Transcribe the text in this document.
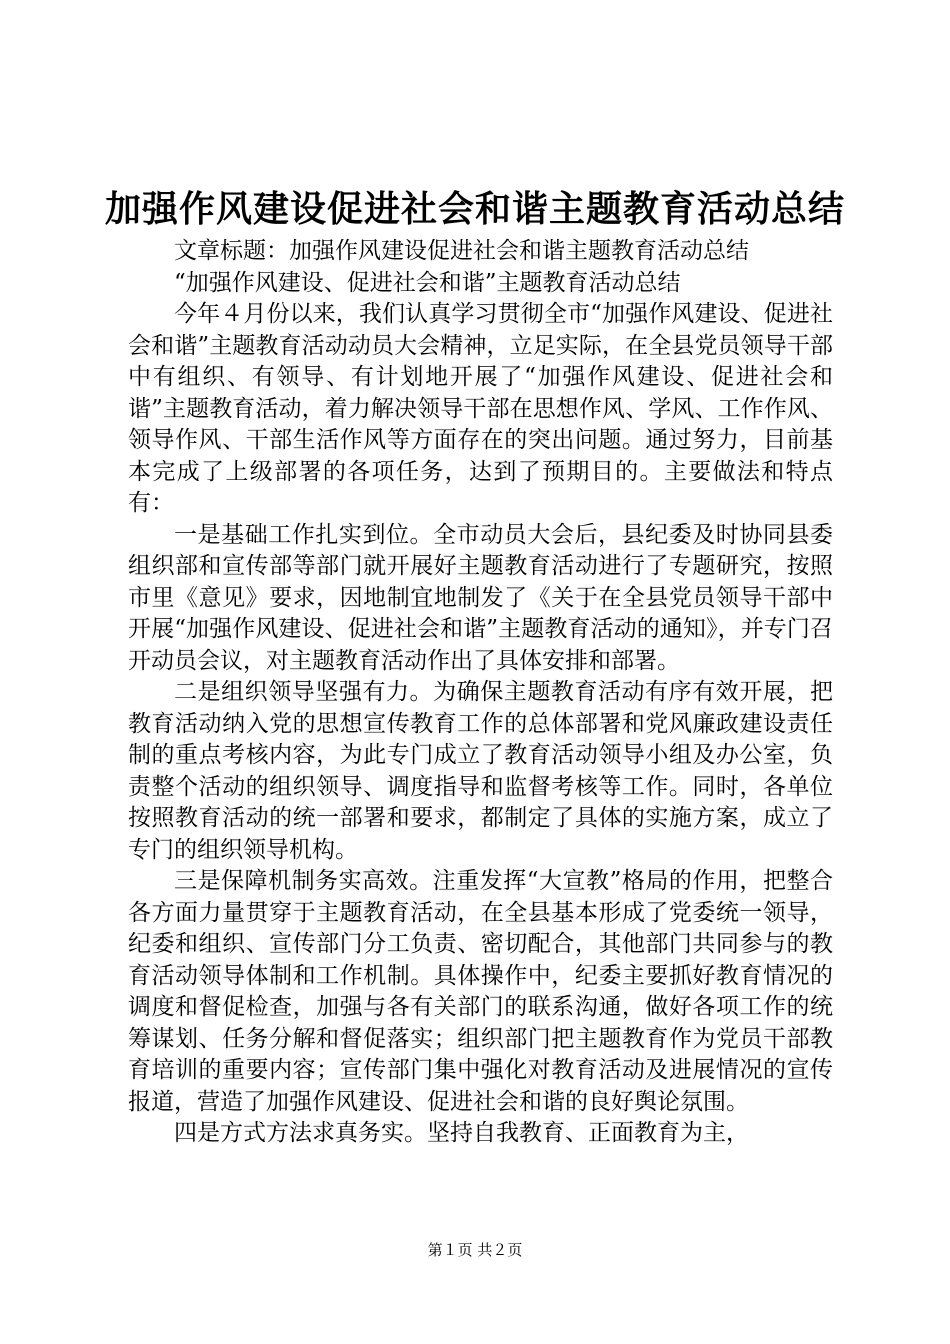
加强作风建设促进社会和谐主题教育活动总结

文章标题：加强作风建设促进社会和谐主题教育活动总结

“加强作风建设、促进社会和谐”主题教育活动总结

今年４月份以来，我们认真学习贯彻全市“加强作风建设、促进社会和谐”主题教育活动动员大会精神，立足实际，在全县党员领导干部中有组织、有领导、有计划地开展了“加强作风建设、促进社会和谐”主题教育活动，着力解决领导干部在思想作风、学风、工作作风、领导作风、干部生活作风等方面存在的突出问题。通过努力，目前基本完成了上级部署的各项任务，达到了预期目的。主要做法和特点有：

一是基础工作扎实到位。全市动员大会后，县纪委及时协同县委组织部和宣传部等部门就开展好主题教育活动进行了专题研究，按照市里《意见》要求，因地制宜地制发了《关于在全县党员领导干部中开展“加强作风建设、促进社会和谐”主题教育活动的通知》，并专门召开动员会议，对主题教育活动作出了具体安排和部署。

二是组织领导坚强有力。为确保主题教育活动有序有效开展，把教育活动纳入党的思想宣传教育工作的总体部署和党风廉政建设责任制的重点考核内容，为此专门成立了教育活动领导小组及办公室，负责整个活动的组织领导、调度指导和监督考核等工作。同时，各单位按照教育活动的统一部署和要求，都制定了具体的实施方案，成立了专门的组织领导机构。

三是保障机制务实高效。注重发挥“大宣教”格局的作用，把整合各方面力量贯穿于主题教育活动，在全县基本形成了党委统一领导，纪委和组织、宣传部门分工负责、密切配合，其他部门共同参与的教育活动领导体制和工作机制。具体操作中，纪委主要抓好教育情况的调度和督促检查，加强与各有关部门的联系沟通，做好各项工作的统筹谋划、任务分解和督促落实；组织部门把主题教育作为党员干部教育培训的重要内容；宣传部门集中强化对教育活动及进展情况的宣传报道，营造了加强作风建设、促进社会和谐的良好舆论氛围。

四是方式方法求真务实。坚持自我教育、正面教育为主，

第１页 共２页
